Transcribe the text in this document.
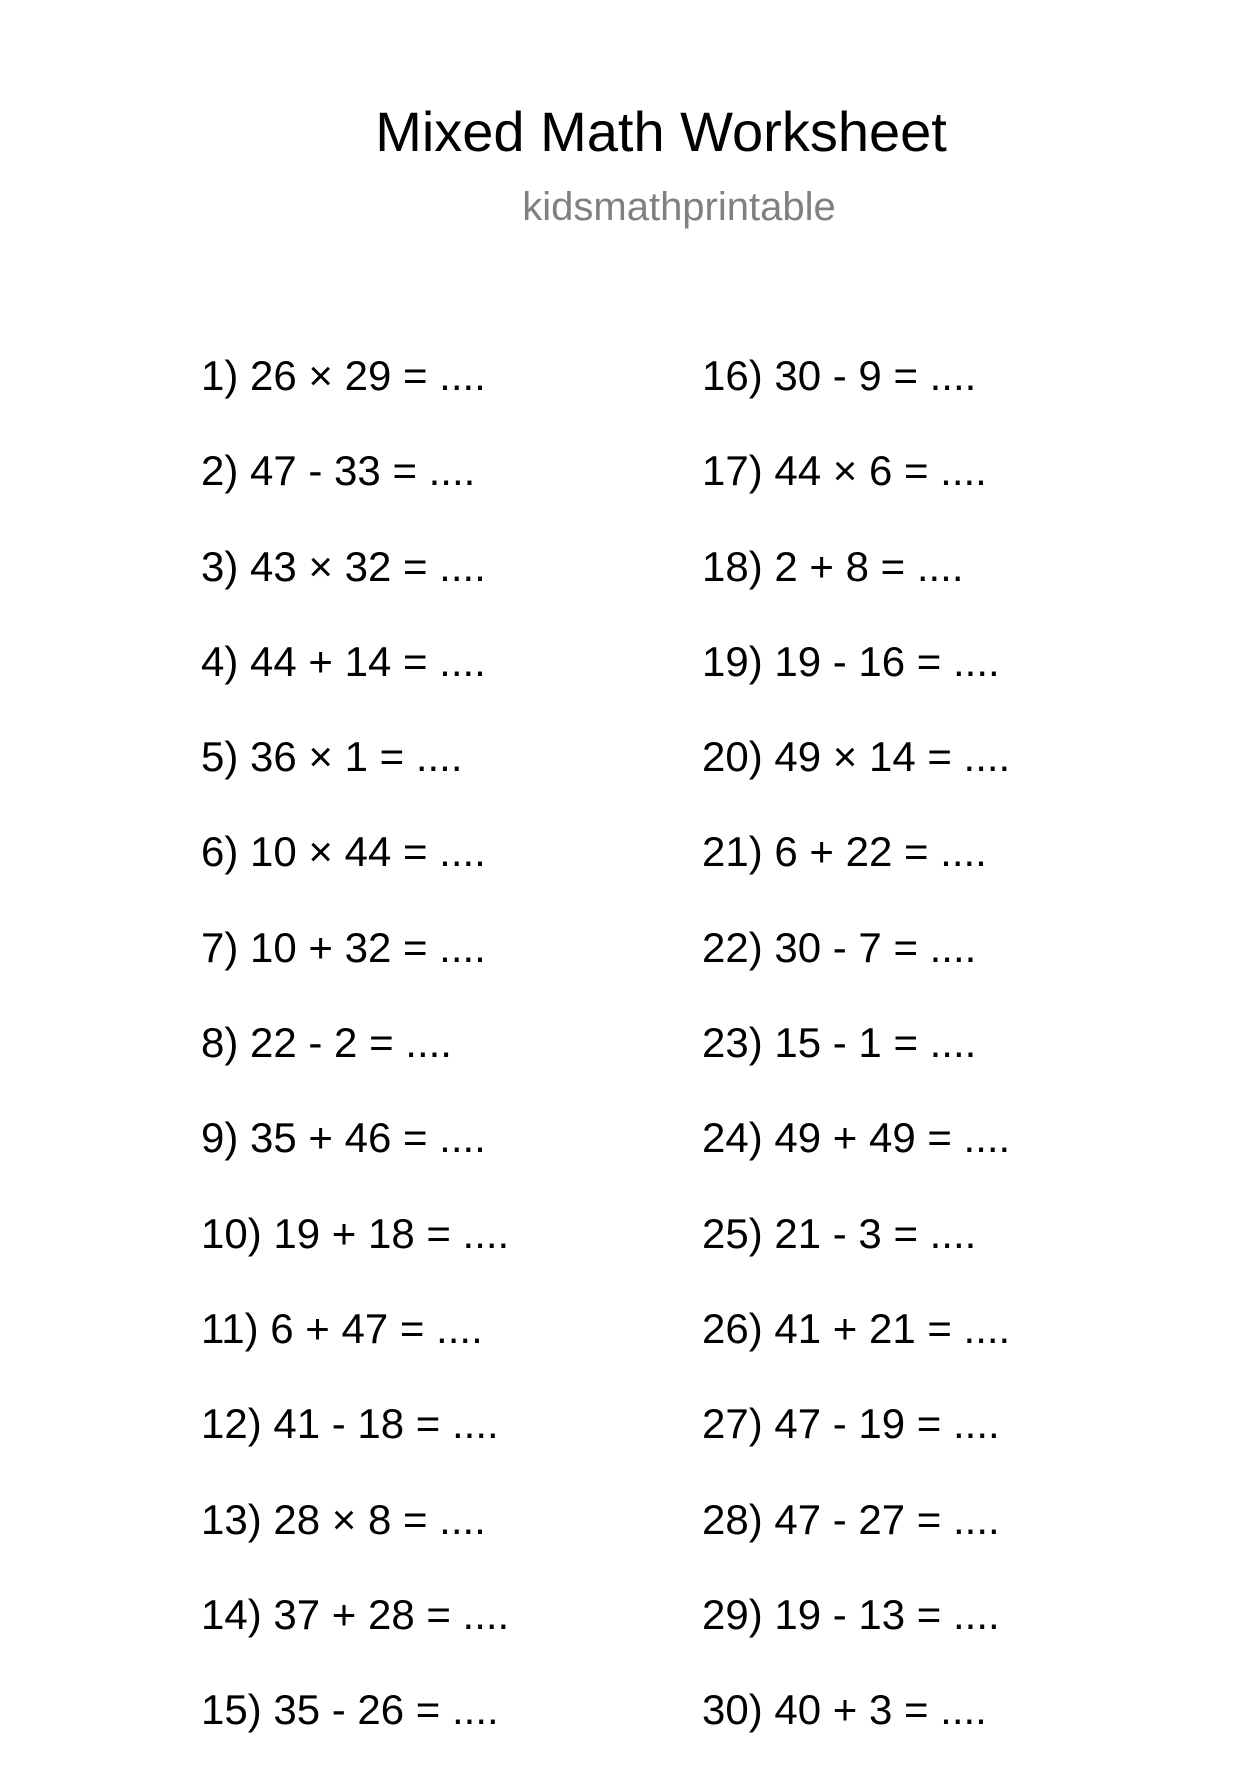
Mixed Math Worksheet
kidsmathprintable
1) 26 × 29 = ....
2) 47 - 33 = ....
3) 43 × 32 = ....
4) 44 + 14 = ....
5) 36 × 1 = ....
6) 10 × 44 = ....
7) 10 + 32 = ....
8) 22 - 2 = ....
9) 35 + 46 = ....
10) 19 + 18 = ....
11) 6 + 47 = ....
12) 41 - 18 = ....
13) 28 × 8 = ....
14) 37 + 28 = ....
15) 35 - 26 = ....
16) 30 - 9 = ....
17) 44 × 6 = ....
18) 2 + 8 = ....
19) 19 - 16 = ....
20) 49 × 14 = ....
21) 6 + 22 = ....
22) 30 - 7 = ....
23) 15 - 1 = ....
24) 49 + 49 = ....
25) 21 - 3 = ....
26) 41 + 21 = ....
27) 47 - 19 = ....
28) 47 - 27 = ....
29) 19 - 13 = ....
30) 40 + 3 = ....
